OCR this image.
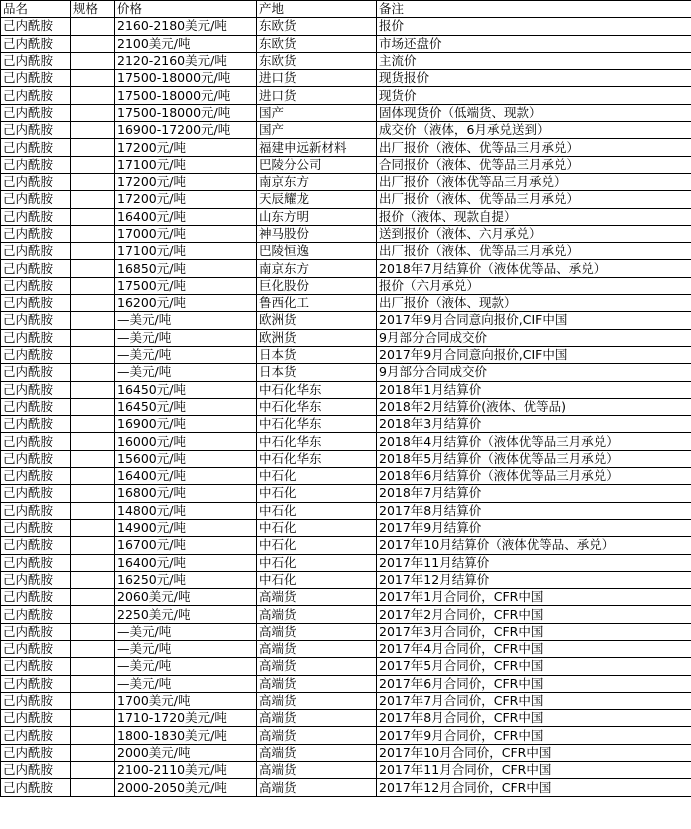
品名	规格	价格	产地	备注
己内酰胺		2160-2180美元/吨	东欧货	报价
己内酰胺		2100美元/吨	东欧货	市场还盘价
己内酰胺		2120-2160美元/吨	东欧货	主流价
己内酰胺		17500-18000元/吨	进口货	现货报价
己内酰胺		17500-18000元/吨	进口货	现货价
己内酰胺		17500-18000元/吨	国产	固体现货价（低端货、现款）
己内酰胺		16900-17200元/吨	国产	成交价（液体，6月承兑送到）
己内酰胺		17200元/吨	福建申远新材料	出厂报价（液体、优等品三月承兑）
己内酰胺		17100元/吨	巴陵分公司	合同报价（液体、优等品三月承兑）
己内酰胺		17200元/吨	南京东方	出厂报价（液体优等品三月承兑）
己内酰胺		17200元/吨	天辰耀龙	出厂报价（液体、优等品三月承兑）
己内酰胺		16400元/吨	山东方明	报价（液体、现款自提）
己内酰胺		17000元/吨	神马股份	送到报价（液体、六月承兑）
己内酰胺		17100元/吨	巴陵恒逸	出厂报价（液体、优等品三月承兑）
己内酰胺		16850元/吨	南京东方	2018年7月结算价（液体优等品、承兑）
己内酰胺		17500元/吨	巨化股份	报价（六月承兑）
己内酰胺		16200元/吨	鲁西化工	出厂报价（液体、现款）
己内酰胺		—美元/吨	欧洲货	2017年9月合同意向报价,CIF中国
己内酰胺		—美元/吨	欧洲货	9月部分合同成交价
己内酰胺		—美元/吨	日本货	2017年9月合同意向报价,CIF中国
己内酰胺		—美元/吨	日本货	9月部分合同成交价
己内酰胺		16450元/吨	中石化华东	2018年1月结算价
己内酰胺		16450元/吨	中石化华东	2018年2月结算价(液体、优等品)
己内酰胺		16900元/吨	中石化华东	2018年3月结算价
己内酰胺		16000元/吨	中石化华东	2018年4月结算价（液体优等品三月承兑）
己内酰胺		15600元/吨	中石化华东	2018年5月结算价（液体优等品三月承兑）
己内酰胺		16400元/吨	中石化	2018年6月结算价（液体优等品三月承兑）
己内酰胺		16800元/吨	中石化	2018年7月结算价
己内酰胺		14800元/吨	中石化	2017年8月结算价
己内酰胺		14900元/吨	中石化	2017年9月结算价
己内酰胺		16700元/吨	中石化	2017年10月结算价（液体优等品、承兑）
己内酰胺		16400元/吨	中石化	2017年11月结算价
己内酰胺		16250元/吨	中石化	2017年12月结算价
己内酰胺		2060美元/吨	高端货	2017年1月合同价，CFR中国
己内酰胺		2250美元/吨	高端货	2017年2月合同价，CFR中国
己内酰胺		—美元/吨	高端货	2017年3月合同价，CFR中国
己内酰胺		—美元/吨	高端货	2017年4月合同价，CFR中国
己内酰胺		—美元/吨	高端货	2017年5月合同价，CFR中国
己内酰胺		—美元/吨	高端货	2017年6月合同价，CFR中国
己内酰胺		1700美元/吨	高端货	2017年7月合同价，CFR中国
己内酰胺		1710-1720美元/吨	高端货	2017年8月合同价，CFR中国
己内酰胺		1800-1830美元/吨	高端货	2017年9月合同价，CFR中国
己内酰胺		2000美元/吨	高端货	2017年10月合同价，CFR中国
己内酰胺		2100-2110美元/吨	高端货	2017年11月合同价，CFR中国
己内酰胺		2000-2050美元/吨	高端货	2017年12月合同价，CFR中国
